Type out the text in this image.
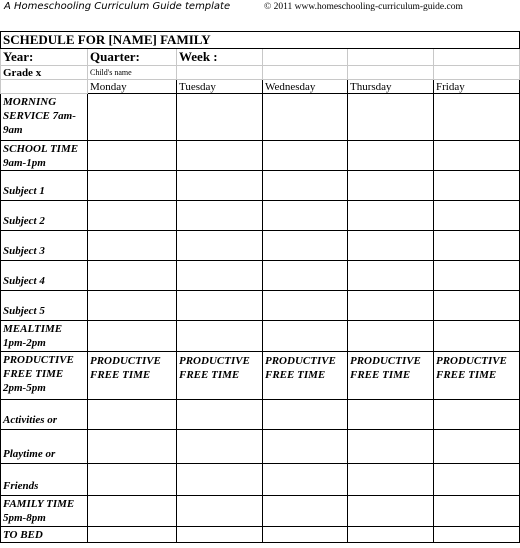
A Homeschooling Curriculum Guide template	© 2011 www.homeschooling-curriculum-guide.com
SCHEDULE FOR [NAME] FAMILY					
Year:	Quarter:	Week :			
Grade x	Child's name				
	Monday	Tuesday	Wednesday	Thursday	Friday
MORNING SERVICE 7am-9am					
SCHOOL TIME 9am-1pm					
Subject 1					
Subject 2					
Subject 3					
Subject 4					
Subject 5					
MEALTIME 1pm-2pm					
PRODUCTIVE FREE TIME 2pm-5pm	PRODUCTIVE FREE TIME	PRODUCTIVE FREE TIME	PRODUCTIVE FREE TIME	PRODUCTIVE FREE TIME	PRODUCTIVE FREE TIME
Activities or					
Playtime or					
Friends					
FAMILY TIME 5pm-8pm					
TO BED					
